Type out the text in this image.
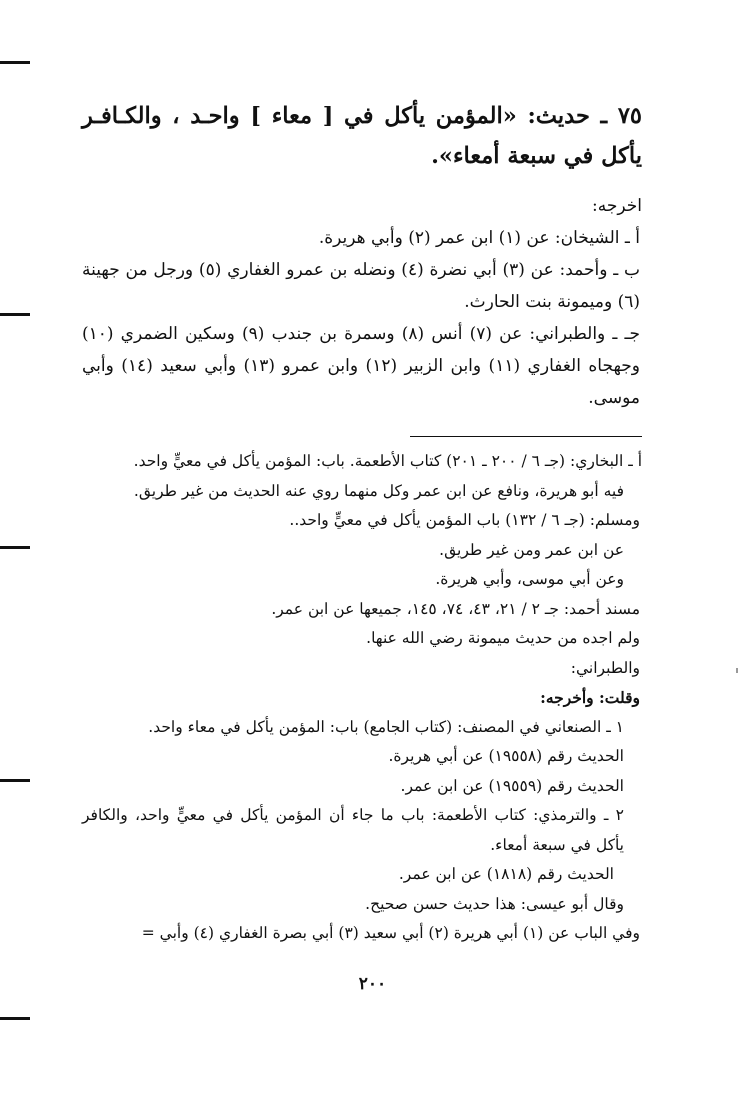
٧٥ ـ حديث: «المؤمن يأكل في [ معاء ] واحـد ، والكـافـر يأكل في سبعة أمعاء».

اخرجه:

أ ـ الشيخان: عن (١) ابن عمر (٢) وأبي هريرة.

ب ـ وأحمد: عن (٣) أبي نضرة (٤) ونضله بن عمرو الغفاري (٥) ورجل من جهينة (٦) وميمونة بنت الحارث.

جـ ـ والطبراني: عن (٧) أنس (٨) وسمرة بن جندب (٩) وسكين الضمري (١٠) وجهجاه الغفاري (١١) وابن الزبير (١٢) وابن عمرو (١٣) وأبي سعيد (١٤) وأبي موسى.

أ ـ البخاري: (جـ ٦ / ٢٠٠ ـ ٢٠١) كتاب الأطعمة. باب: المؤمن يأكل في معيٍّ واحد.

فيه أبو هريرة، ونافع عن ابن عمر وكل منهما روي عنه الحديث من غير طريق.

ومسلم: (جـ ٦ / ١٣٢) باب المؤمن يأكل في معيٍّ واحد..

عن ابن عمر ومن غير طريق.

وعن أبي موسى، وأبي هريرة.

مسند أحمد: جـ ٢ / ٢١، ٤٣، ٧٤، ١٤٥، جميعها عن ابن عمر.

ولم اجده من حديث ميمونة رضي الله عنها.

والطبراني:

وقلت: وأخرجه:

١ ـ الصنعاني في المصنف: (كتاب الجامع) باب: المؤمن يأكل في معاء واحد.

الحديث رقم (١٩٥٥٨) عن أبي هريرة.

الحديث رقم (١٩٥٥٩) عن ابن عمر.

٢ ـ والترمذي: كتاب الأطعمة: باب ما جاء أن المؤمن يأكل في معيٍّ واحد، والكافر يأكل في سبعة أمعاء.

الحديث رقم (١٨١٨) عن ابن عمر.

وقال أبو عيسى: هذا حديث حسن صحيح.

وفي الباب عن (١) أبي هريرة (٢) أبي سعيد (٣) أبي بصرة الغفاري (٤) وأبي =

٢٠٠
